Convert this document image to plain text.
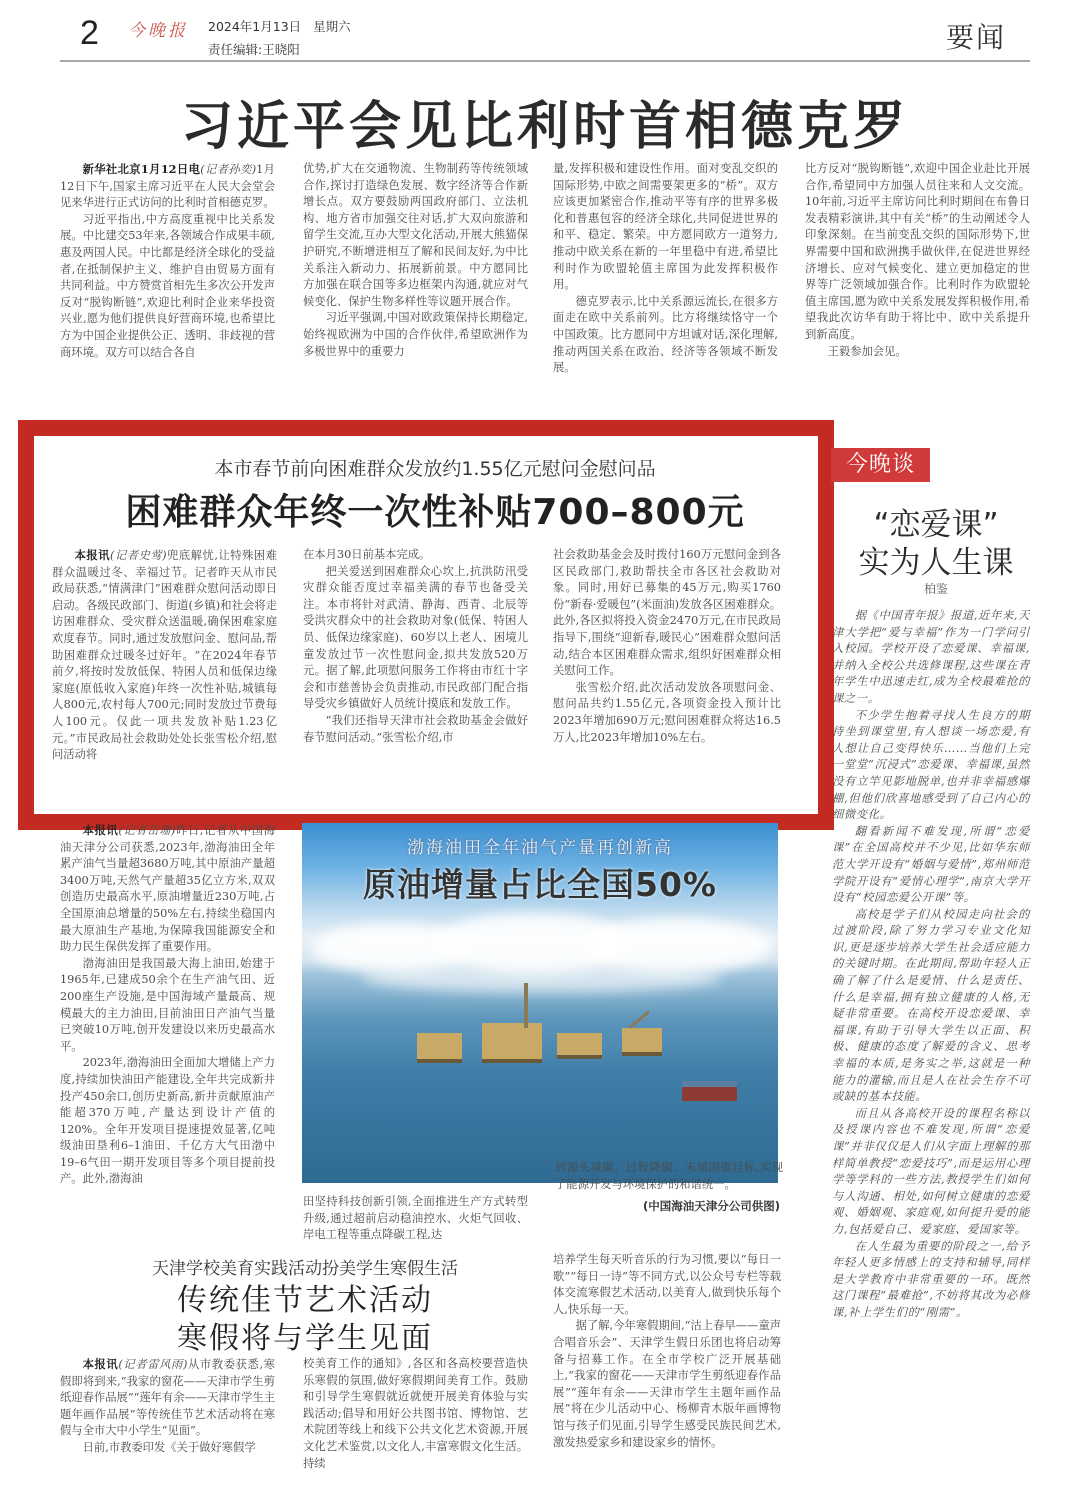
2 今晚报 2024年1月13日 星期六
责任编辑:王晓阳	要闻
习近平会见比利时首相德克罗

新华社北京1月12日电(记者孙奕)1月12日下午,国家主席习近平在人民大会堂会见来华进行正式访问的比利时首相德克罗。

习近平指出,中方高度重视中比关系发展。中比建交53年来,各领域合作成果丰硕,惠及两国人民。中比都是经济全球化的受益者,在抵制保护主义、维护自由贸易方面有共同利益。中方赞赏首相先生多次公开发声反对“脱钩断链”,欢迎比利时企业来华投资兴业,愿为他们提供良好营商环境,也希望比方为中国企业提供公正、透明、非歧视的营商环境。双方可以结合各自

优势,扩大在交通物流、生物制药等传统领域合作,探讨打造绿色发展、数字经济等合作新增长点。双方要鼓励两国政府部门、立法机构、地方省市加强交往对话,扩大双向旅游和留学生交流,互办大型文化活动,开展大熊猫保护研究,不断增进相互了解和民间友好,为中比关系注入新动力、拓展新前景。中方愿同比方加强在联合国等多边框架内沟通,就应对气候变化、保护生物多样性等议题开展合作。

习近平强调,中国对欧政策保持长期稳定,始终视欧洲为中国的合作伙伴,希望欧洲作为多极世界中的重要力

量,发挥积极和建设性作用。面对变乱交织的国际形势,中欧之间需要架更多的“桥”。双方应该更加紧密合作,推动平等有序的世界多极化和普惠包容的经济全球化,共同促进世界的和平、稳定、繁荣。中方愿同欧方一道努力,推动中欧关系在新的一年里稳中有进,希望比利时作为欧盟轮值主席国为此发挥积极作用。

德克罗表示,比中关系源远流长,在很多方面走在欧中关系前列。比方将继续恪守一个中国政策。比方愿同中方坦诚对话,深化理解,推动两国关系在政治、经济等各领域不断发展。

比方反对“脱钩断链”,欢迎中国企业赴比开展合作,希望同中方加强人员往来和人文交流。10年前,习近平主席访问比利时期间在布鲁日发表精彩演讲,其中有关“桥”的生动阐述令人印象深刻。在当前变乱交织的国际形势下,世界需要中国和欧洲携手做伙伴,在促进世界经济增长、应对气候变化、建立更加稳定的世界等广泛领域加强合作。比利时作为欧盟轮值主席国,愿为欧中关系发展发挥积极作用,希望我此次访华有助于将比中、欧中关系提升到新高度。

王毅参加会见。

本市春节前向困难群众发放约1.55亿元慰问金慰问品
困难群众年终一次性补贴700–800元

本报讯(记者史莺)兜底解忧,让特殊困难群众温暖过冬、幸福过节。记者昨天从市民政局获悉,“情满津门”困难群众慰问活动即日启动。各级民政部门、街道(乡镇)和社会将走访困难群众、受灾群众送温暖,确保困难家庭欢度春节。同时,通过发放慰问金、慰问品,帮助困难群众过暖冬过好年。“在2024年春节前夕,将按时发放低保、特困人员和低保边缘家庭(原低收入家庭)年终一次性补贴,城镇每人800元,农村每人700元;同时发放过节费每人100元。仅此一项共发放补贴1.23亿元。”市民政局社会救助处处长张雪松介绍,慰问活动将

在本月30日前基本完成。

把关爱送到困难群众心坎上,抗洪防汛受灾群众能否度过幸福美满的春节也备受关注。本市将针对武清、静海、西青、北辰等受洪灾群众中的社会救助对象(低保、特困人员、低保边缘家庭)、60岁以上老人、困境儿童发放过节一次性慰问金,拟共发放520万元。据了解,此项慰问服务工作将由市红十字会和市慈善协会负责推动,市民政部门配合指导受灾乡镇做好人员统计摸底和发放工作。

“我们还指导天津市社会救助基金会做好春节慰问活动。”张雪松介绍,市

社会救助基金会及时拨付160万元慰问金到各区民政部门,救助帮扶全市各区社会救助对象。同时,用好已募集的45万元,购买1760份“新春·爱暖包”(米面油)发放各区困难群众。此外,各区拟将投入资金2470万元,在市民政局指导下,围绕“迎新春,暖民心”困难群众慰问活动,结合本区困难群众需求,组织好困难群众相关慰问工作。

张雪松介绍,此次活动发放各项慰问金、慰问品共约1.55亿元,各项资金投入预计比2023年增加690万元;慰问困难群众将达16.5万人,比2023年增加10%左右。

今晚谈
“恋爱课”
实为人生课
柏鉴

据《中国青年报》报道,近年来,天津大学把“爱与幸福”作为一门学问引入校园。学校开设了恋爱课、幸福课,并纳入全校公共选修课程,这些课在青年学生中迅速走红,成为全校最难抢的课之一。

不少学生抱着寻找人生良方的期待坐到课堂里,有人想谈一场恋爱,有人想让自己变得快乐……当他们上完一堂堂“沉浸式”恋爱课、幸福课,虽然没有立竿见影地脱单,也并非幸福感爆棚,但他们欣喜地感受到了自己内心的细微变化。

翻看新闻不难发现,所谓“恋爱课”在全国高校并不少见,比如华东师范大学开设有“婚姻与爱情”,郑州师范学院开设有“爱情心理学”,南京大学开设有“校园恋爱公开课”等。

高校是学子们从校园走向社会的过渡阶段,除了努力学习专业文化知识,更是逐步培养大学生社会适应能力的关键时期。在此期间,帮助年轻人正确了解了什么是爱情、什么是责任、什么是幸福,拥有独立健康的人格,无疑非常重要。在高校开设恋爱课、幸福课,有助于引导大学生以正面、积极、健康的态度了解爱的含义、思考幸福的本质,是务实之举,这就是一种能力的灌输,而且是人在社会生存不可或缺的基本技能。

而且从各高校开设的课程名称以及授课内容也不难发现,所谓“恋爱课”并非仅仅是人们从字面上理解的那样简单教授“恋爱技巧”,而是运用心理学等学科的一些方法,教授学生们如何与人沟通、相处,如何树立健康的恋爱观、婚姻观、家庭观,如何提升爱的能力,包括爱自己、爱家庭、爱国家等。

在人生最为重要的阶段之一,给予年轻人更多情感上的支持和辅导,同样是大学教育中非常重要的一环。既然这门课程“最难抢”,不妨将其改为必修课,补上学生们的“刚需”。

本报讯(记者岳珊)昨日,记者从中国海油天津分公司获悉,2023年,渤海油田全年累产油气当量超3680万吨,其中原油产量超3400万吨,天然气产量超35亿立方米,双双创造历史最高水平,原油增量近230万吨,占全国原油总增量的50%左右,持续坐稳国内最大原油生产基地,为保障我国能源安全和助力民生保供发挥了重要作用。

渤海油田是我国最大海上油田,始建于1965年,已建成50余个在生产油气田、近200座生产设施,是中国海域产量最高、规模最大的主力油田,目前油田日产油气当量已突破10万吨,创开发建设以来历史最高水平。

2023年,渤海油田全面加大增储上产力度,持续加快油田产能建设,全年共完成新井投产450余口,创历史新高,新井贡献原油产能超370万吨,产量达到设计产值的120%。全年开发项目提速提效显著,亿吨级油田垦利6–1油田、千亿方大气田渤中19–6气田一期开发项目等多个项目提前投产。此外,渤海油

渤海油田全年油气产量再创新高
原油增量占比全国50%

田坚持科技创新引领,全面推进生产方式转型升级,通过超前启动稳油控水、火炬气回收、岸电工程等重点降碳工程,达

到源头减碳、过程降碳、末端固碳目标,实现了能源开发与环境保护的和谐统一。

(中国海油天津分公司供图)
天津学校美育实践活动扮美学生寒假生活
传统佳节艺术活动
寒假将与学生见面

本报讯(记者雷风雨)从市教委获悉,寒假即将到来,“我家的窗花——天津市学生剪纸迎春作品展”“莲年有余——天津市学生主题年画作品展”等传统佳节艺术活动将在寒假与全市大中小学生“见面”。

日前,市教委印发《关于做好寒假学

校美育工作的通知》,各区和各高校要营造快乐寒假的氛围,做好寒假期间美育工作。鼓励和引导学生寒假就近就便开展美育体验与实践活动;倡导和用好公共图书馆、博物馆、艺术院团等线上和线下公共文化艺术资源,开展文化艺术鉴赏,以文化人,丰富寒假文化生活。持续

培养学生每天听音乐的行为习惯,要以“每日一歌”“每日一诗”等不同方式,以公众号专栏等载体交流寒假艺术活动,以美育人,做到快乐每个人,快乐每一天。

据了解,今年寒假期间,“沽上春早——童声合唱音乐会”、天津学生假日乐团也将启动筹备与招募工作。在全市学校广泛开展基础上,“我家的窗花——天津市学生剪纸迎春作品展”“莲年有余——天津市学生主题年画作品展”将在少儿活动中心、杨柳青木版年画博物馆与孩子们见面,引导学生感受民族民间艺术,激发热爱家乡和建设家乡的情怀。
